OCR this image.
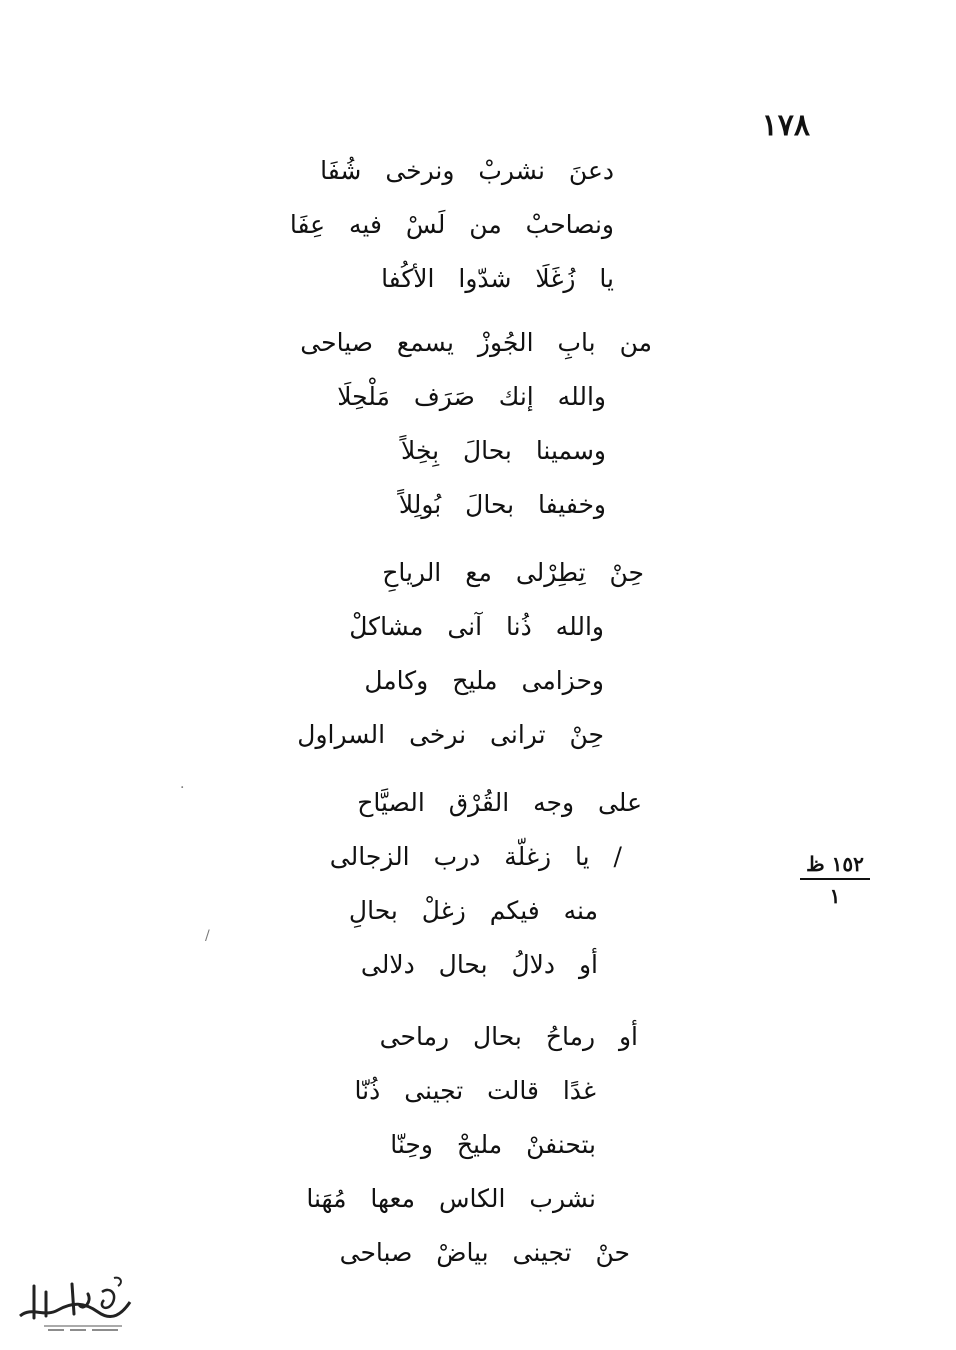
١٧٨
دعنَ نشربْ ونرخى شُفَا
ونصاحبْ من لَسْ فيه عِفَا
يا زُغَلَا شدّوا الأكُفا
من بابِ الجُوزْ يسمع صياحى
والله إنك صَرَف مَلْحِلَا
وسمينا بحالَ بِخِلاً
وخفيفا بحالَ بُولِلاً
حِنْ تِطِرْلى مع الرياحِ
والله ذُنا آنى مشاكلْ
وحزامى مليح وكامل
حِنْ ترانى نرخى السراول
على وجه القُرْق الصيَّاح
/ يا زغلّة درب الزجالى
منه فيكم زغلْ بحالِ
أو دلالُ بحال دلالى
أو رماحُ بحال رماحى
غدًا قالت تجينى ذُنّا
بتحنفنْ مليحْ وحِنّا
نشرب الكاس معها مُهَنا
حنْ تجينى بياضْ صباحى
١٥٢ ظ
١
/
·
